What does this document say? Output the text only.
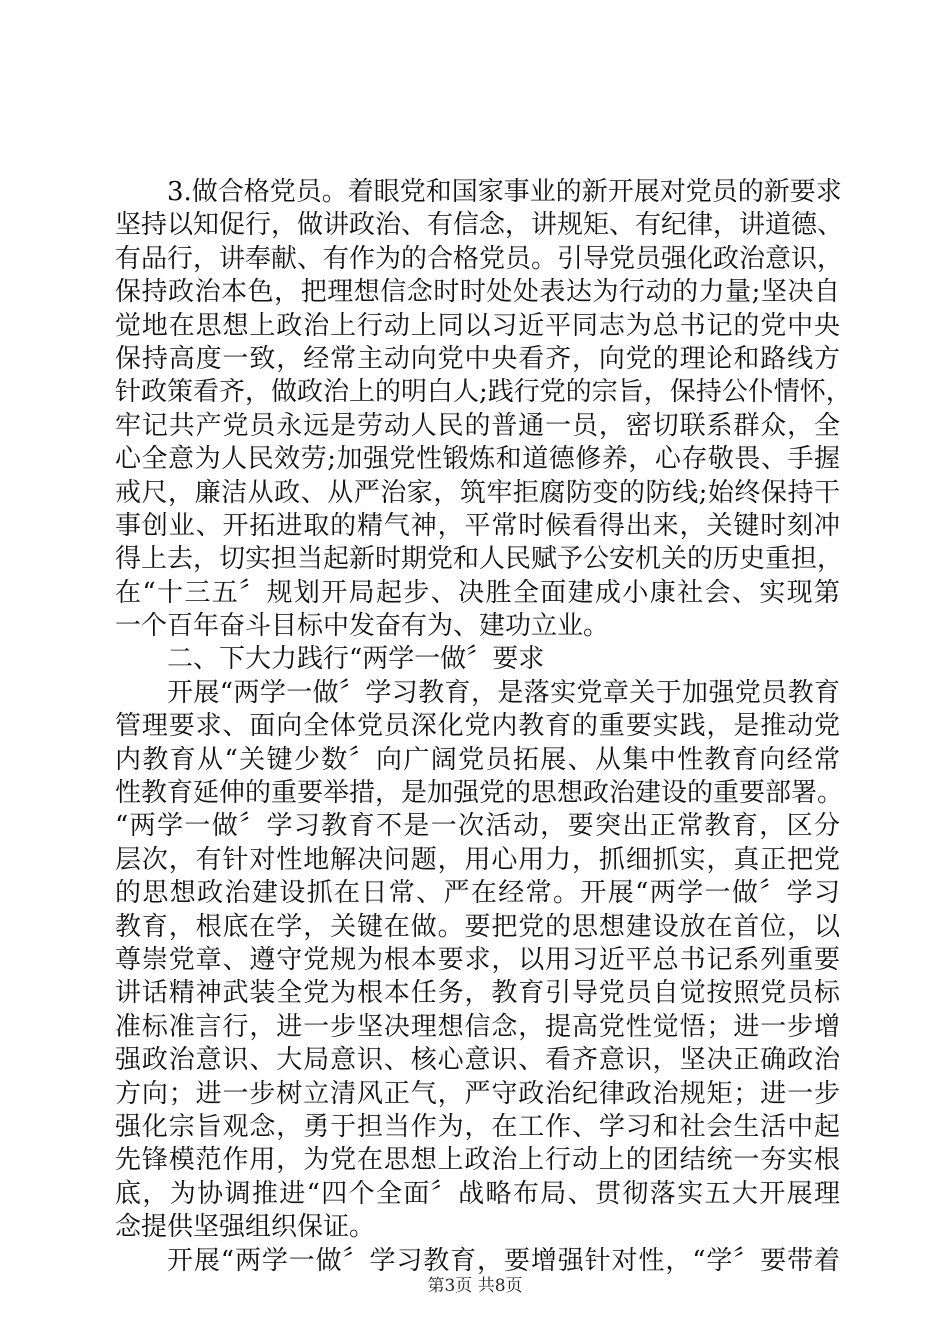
3.做合格党员。着眼党和国家事业的新开展对党员的新要求
坚持以知促行，做讲政治、有信念，讲规矩、有纪律，讲道德、
有品行，讲奉献、有作为的合格党员。引导党员强化政治意识，
保持政治本色，把理想信念时时处处表达为行动的力量;坚决自
觉地在思想上政治上行动上同以习近平同志为总书记的党中央
保持高度一致，经常主动向党中央看齐，向党的理论和路线方
针政策看齐，做政治上的明白人;践行党的宗旨，保持公仆情怀，
牢记共产党员永远是劳动人民的普通一员，密切联系群众，全
心全意为人民效劳;加强党性锻炼和道德修养，心存敬畏、手握
戒尺，廉洁从政、从严治家，筑牢拒腐防变的防线;始终保持干
事创业、开拓进取的精气神，平常时候看得出来，关键时刻冲
得上去，切实担当起新时期党和人民赋予公安机关的历史重担，
在“十三五〞规划开局起步、决胜全面建成小康社会、实现第
一个百年奋斗目标中发奋有为、建功立业。
二、下大力践行“两学一做〞要求
开展“两学一做〞学习教育，是落实党章关于加强党员教育
管理要求、面向全体党员深化党内教育的重要实践，是推动党
内教育从“关键少数〞向广阔党员拓展、从集中性教育向经常
性教育延伸的重要举措，是加强党的思想政治建设的重要部署。
“两学一做〞学习教育不是一次活动，要突出正常教育，区分
层次，有针对性地解决问题，用心用力，抓细抓实，真正把党
的思想政治建设抓在日常、严在经常。开展“两学一做〞学习
教育，根底在学，关键在做。要把党的思想建设放在首位，以
尊崇党章、遵守党规为根本要求，以用习近平总书记系列重要
讲话精神武装全党为根本任务，教育引导党员自觉按照党员标
准标准言行，进一步坚决理想信念，提高党性觉悟；进一步增
强政治意识、大局意识、核心意识、看齐意识，坚决正确政治
方向；进一步树立清风正气，严守政治纪律政治规矩；进一步
强化宗旨观念，勇于担当作为，在工作、学习和社会生活中起
先锋模范作用，为党在思想上政治上行动上的团结统一夯实根
底，为协调推进“四个全面〞战略布局、贯彻落实五大开展理
念提供坚强组织保证。
开展“两学一做〞学习教育，要增强针对性，“学〞要带着
第3页 共8页
